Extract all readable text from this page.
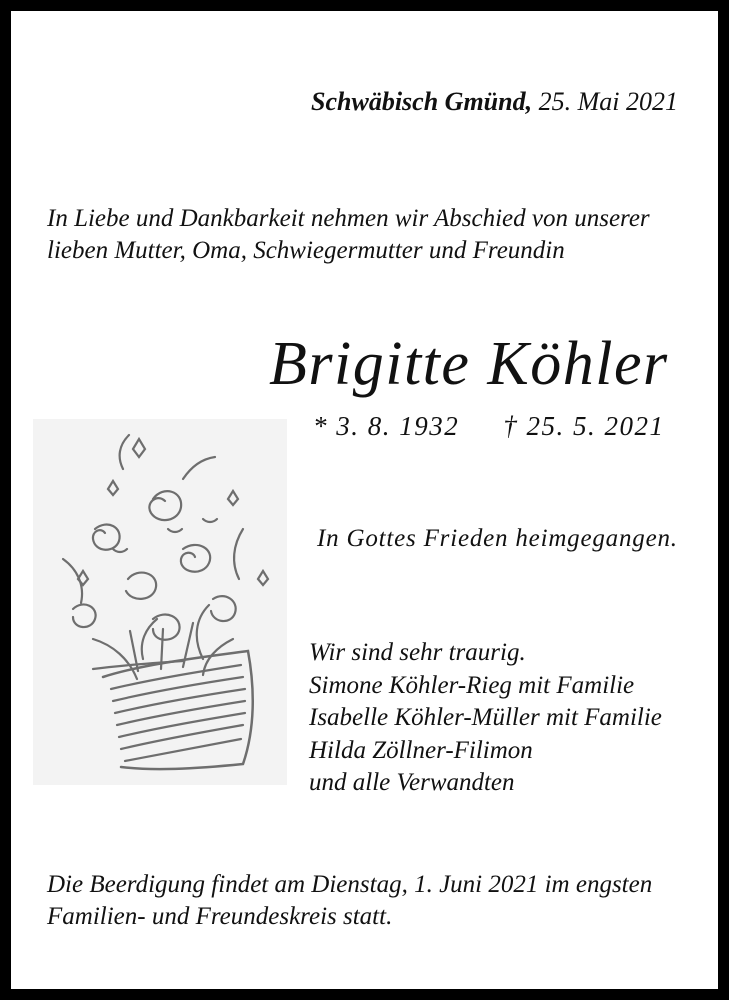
Schwäbisch Gmünd, 25. Mai 2021
In Liebe und Dankbarkeit nehmen wir Abschied von unserer
lieben Mutter, Oma, Schwiegermutter und Freundin
Brigitte Köhler
* 3. 8. 1932 † 25. 5. 2021
In Gottes Frieden heimgegangen.
Wir sind sehr traurig.
Simone Köhler-Rieg mit Familie
Isabelle Köhler-Müller mit Familie
Hilda Zöllner-Filimon
und alle Verwandten
Die Beerdigung findet am Dienstag, 1. Juni 2021 im engsten
Familien- und Freundeskreis statt.
